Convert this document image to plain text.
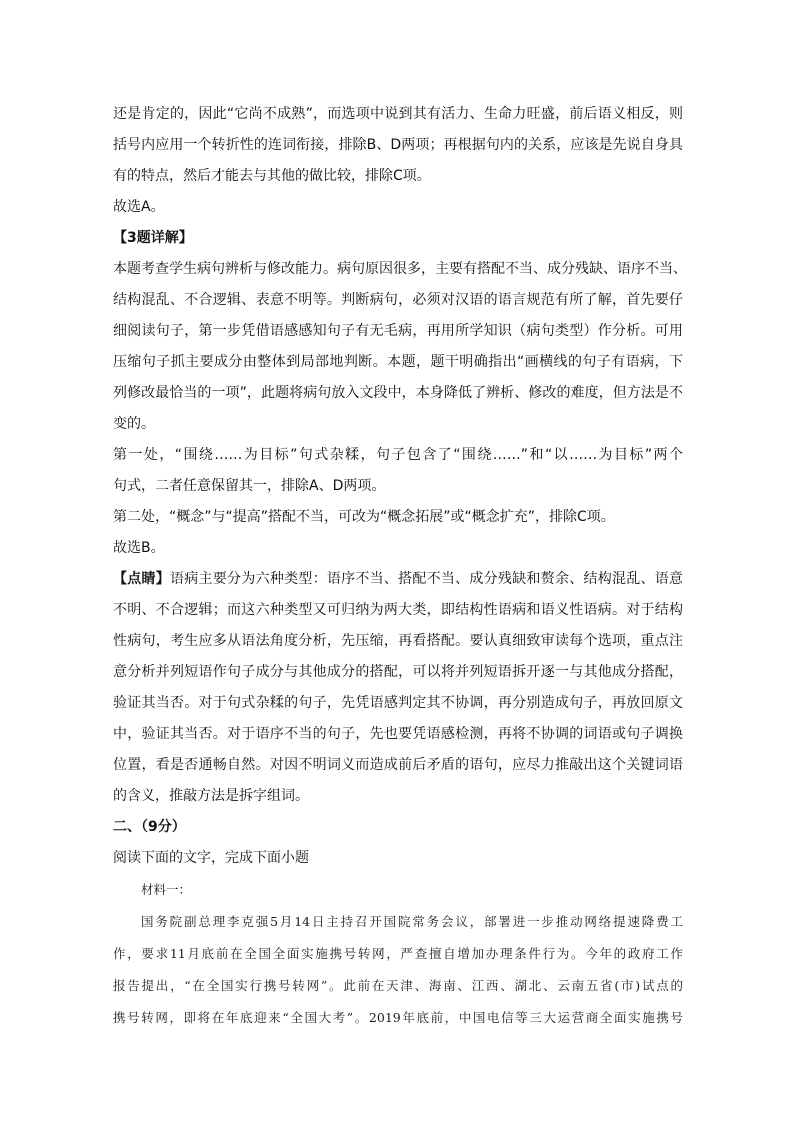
还是肯定的，因此“它尚不成熟”，而选项中说到其有活力、生命力旺盛，前后语义相反，则
括号内应用一个转折性的连词衔接，排除B、D两项；再根据句内的关系，应该是先说自身具
有的特点，然后才能去与其他的做比较，排除C项。
故选A。
【3题详解】
本题考查学生病句辨析与修改能力。病句原因很多，主要有搭配不当、成分残缺、语序不当、
结构混乱、不合逻辑、表意不明等。判断病句，必须对汉语的语言规范有所了解，首先要仔
细阅读句子，第一步凭借语感感知句子有无毛病，再用所学知识（病句类型）作分析。可用
压缩句子抓主要成分由整体到局部地判断。本题，题干明确指出“画横线的句子有语病，下
列修改最恰当的一项”，此题将病句放入文段中，本身降低了辨析、修改的难度，但方法是不
变的。
第一处，“围绕……为目标”句式杂糅，句子包含了“围绕……”和“以……为目标”两个
句式，二者任意保留其一，排除A、D两项。
第二处，“概念”与“提高”搭配不当，可改为“概念拓展”或“概念扩充”，排除C项。
故选B。
【点睛】语病主要分为六种类型：语序不当、搭配不当、成分残缺和赘余、结构混乱、语意
不明、不合逻辑；而这六种类型又可归纳为两大类，即结构性语病和语义性语病。对于结构
性病句，考生应多从语法角度分析，先压缩，再看搭配。要认真细致审读每个选项，重点注
意分析并列短语作句子成分与其他成分的搭配，可以将并列短语拆开逐一与其他成分搭配，
验证其当否。对于句式杂糅的句子，先凭语感判定其不协调，再分别造成句子，再放回原文
中，验证其当否。对于语序不当的句子，先也要凭语感检测，再将不协调的词语或句子调换
位置，看是否通畅自然。对因不明词义而造成前后矛盾的语句，应尽力推敲出这个关键词语
的含义，推敲方法是拆字组词。
二、（9分）
阅读下面的文字，完成下面小题
材料一：
国务院副总理李克强5月14日主持召开国院常务会议，部署进一步推动网络提速降费工
作，要求11月底前在全国全面实施携号转网，严查擅自增加办理条件行为。今年的政府工作
报告提出，“在全国实行携号转网”。此前在天津、海南、江西、湖北、云南五省(市)试点的
携号转网，即将在年底迎来“全国大考”。2019年底前，中国电信等三大运营商全面实施携号
